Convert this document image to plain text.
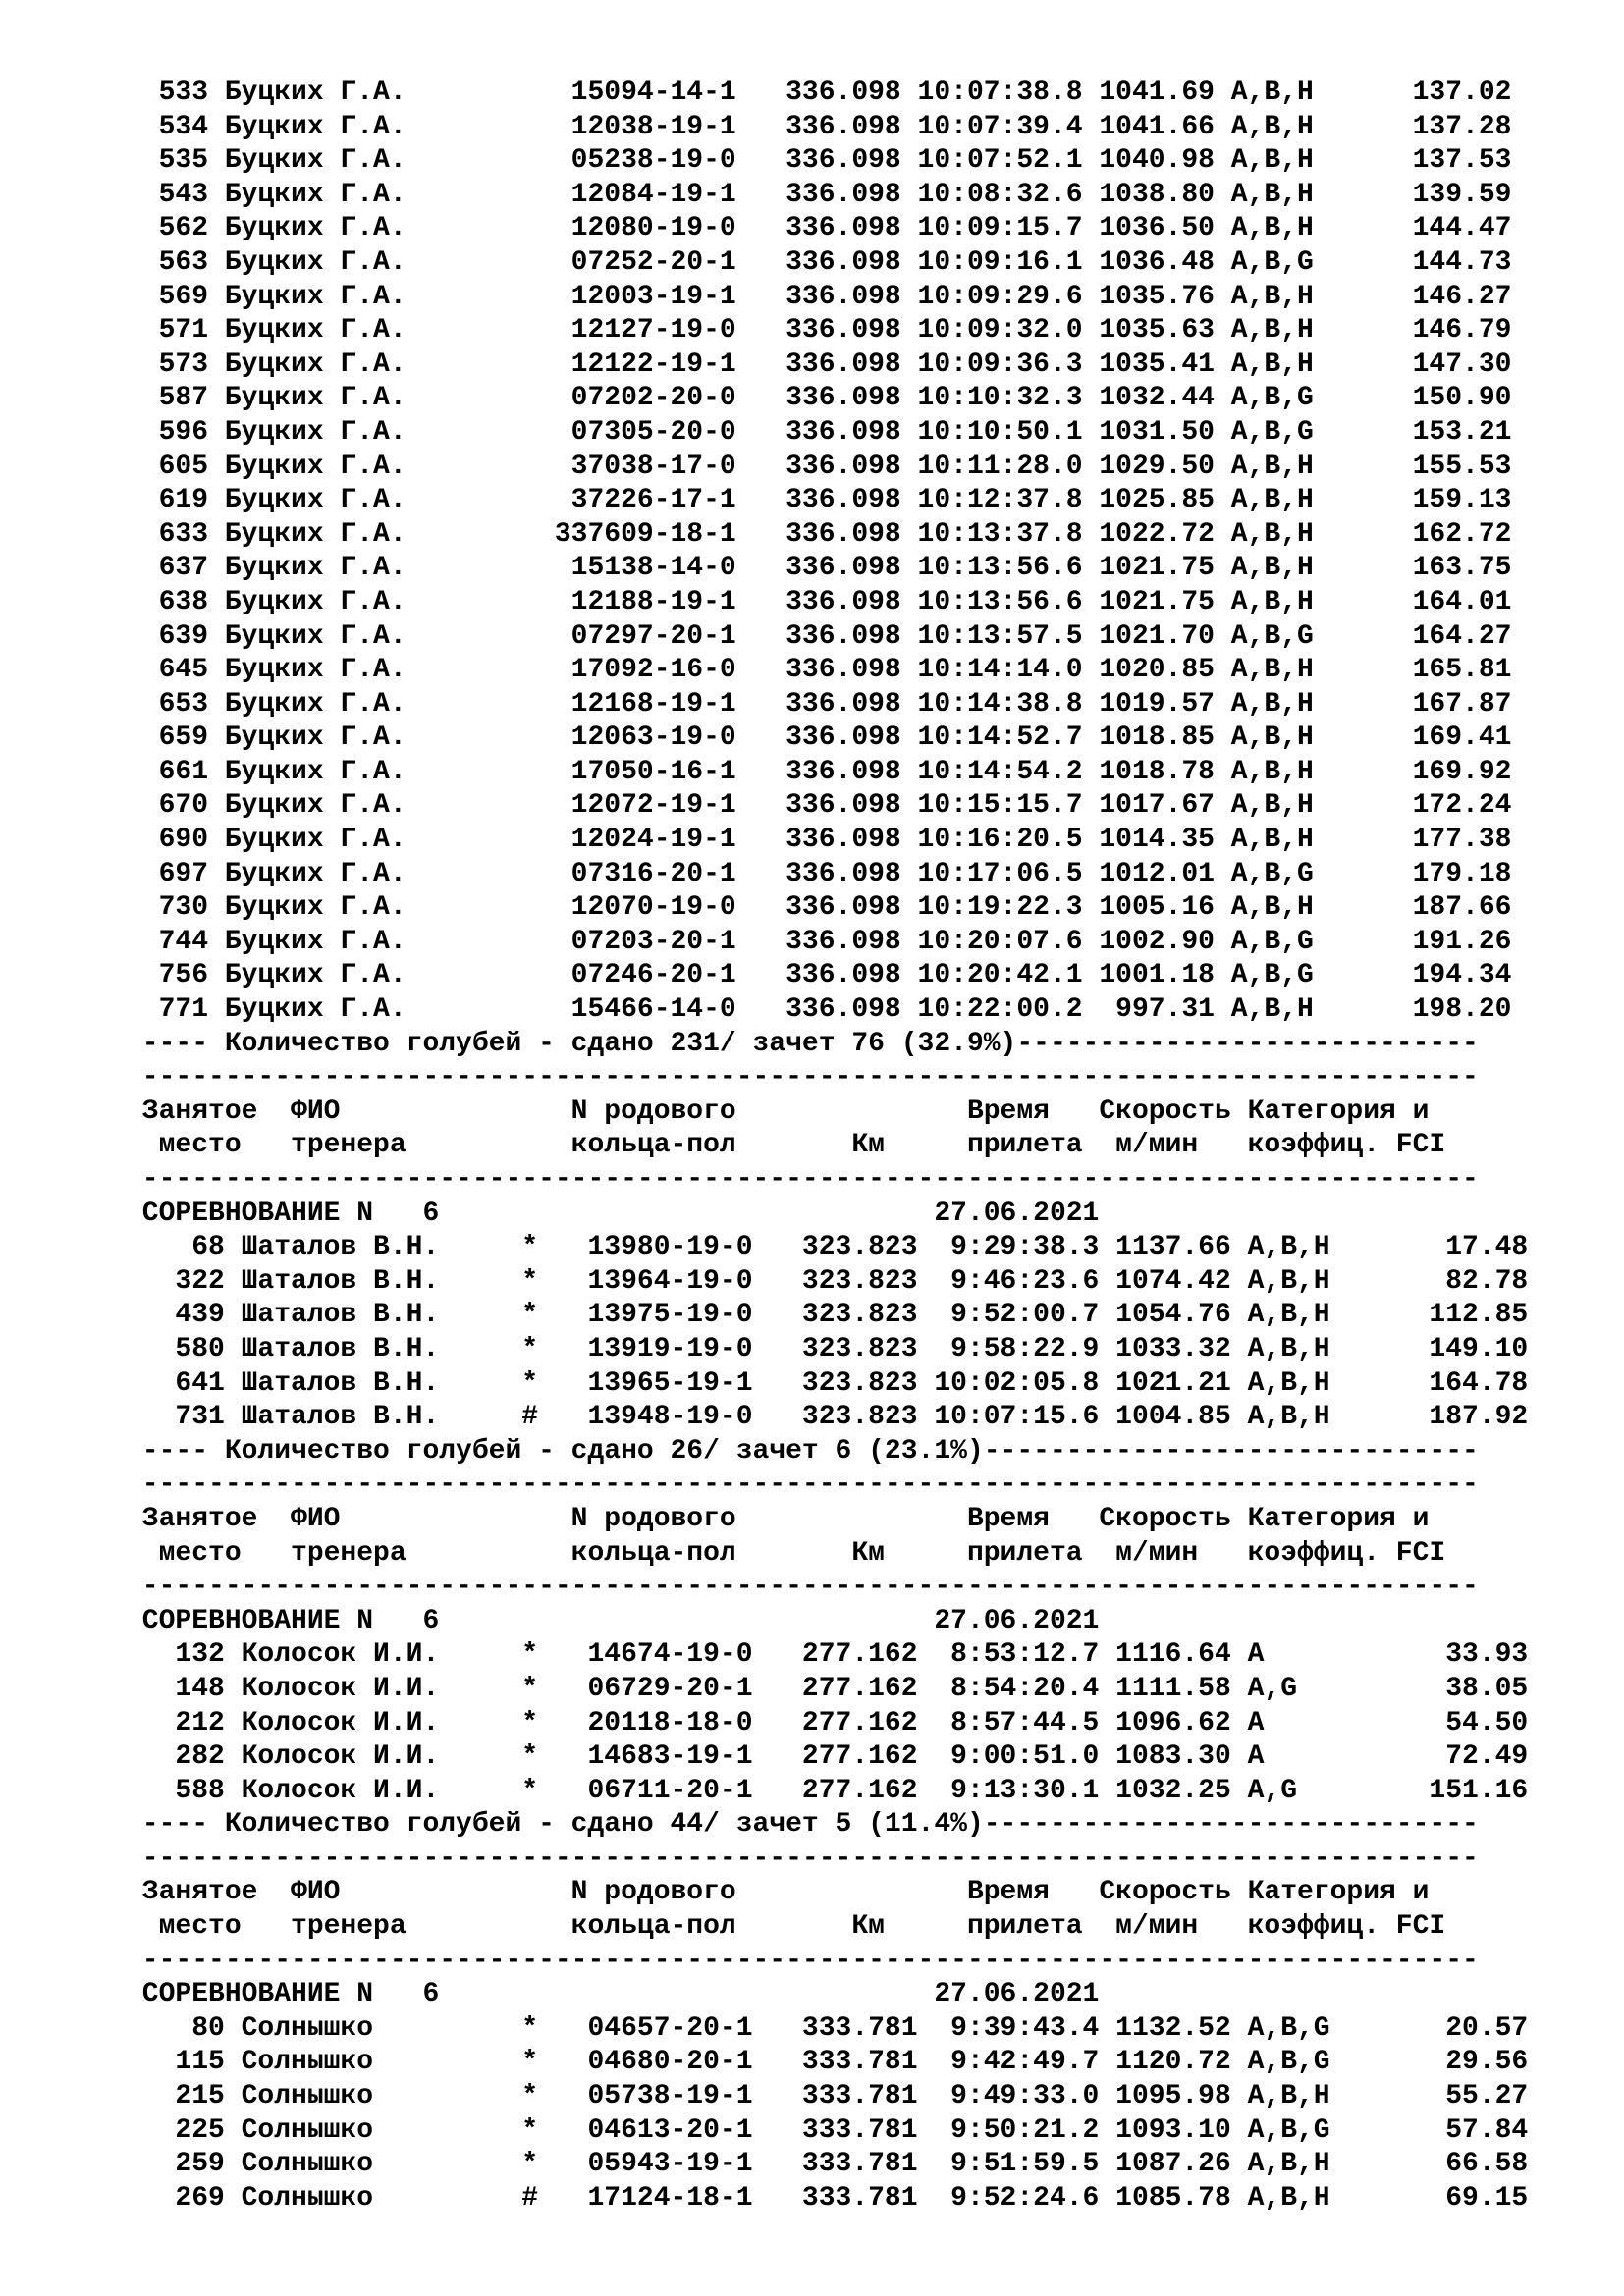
533 Буцких Г.А.          15094-14-1   336.098 10:07:38.8 1041.69 A,B,H      137.02
534 Буцких Г.А.          12038-19-1   336.098 10:07:39.4 1041.66 A,B,H      137.28
535 Буцких Г.А.          05238-19-0   336.098 10:07:52.1 1040.98 A,B,H      137.53
543 Буцких Г.А.          12084-19-1   336.098 10:08:32.6 1038.80 A,B,H      139.59
562 Буцких Г.А.          12080-19-0   336.098 10:09:15.7 1036.50 A,B,H      144.47
563 Буцких Г.А.          07252-20-1   336.098 10:09:16.1 1036.48 A,B,G      144.73
569 Буцких Г.А.          12003-19-1   336.098 10:09:29.6 1035.76 A,B,H      146.27
571 Буцких Г.А.          12127-19-0   336.098 10:09:32.0 1035.63 A,B,H      146.79
573 Буцких Г.А.          12122-19-1   336.098 10:09:36.3 1035.41 A,B,H      147.30
587 Буцких Г.А.          07202-20-0   336.098 10:10:32.3 1032.44 A,B,G      150.90
596 Буцких Г.А.          07305-20-0   336.098 10:10:50.1 1031.50 A,B,G      153.21
605 Буцких Г.А.          37038-17-0   336.098 10:11:28.0 1029.50 A,B,H      155.53
619 Буцких Г.А.          37226-17-1   336.098 10:12:37.8 1025.85 A,B,H      159.13
633 Буцких Г.А.         337609-18-1   336.098 10:13:37.8 1022.72 A,B,H      162.72
637 Буцких Г.А.          15138-14-0   336.098 10:13:56.6 1021.75 A,B,H      163.75
638 Буцких Г.А.          12188-19-1   336.098 10:13:56.6 1021.75 A,B,H      164.01
639 Буцких Г.А.          07297-20-1   336.098 10:13:57.5 1021.70 A,B,G      164.27
645 Буцких Г.А.          17092-16-0   336.098 10:14:14.0 1020.85 A,B,H      165.81
653 Буцких Г.А.          12168-19-1   336.098 10:14:38.8 1019.57 A,B,H      167.87
659 Буцких Г.А.          12063-19-0   336.098 10:14:52.7 1018.85 A,B,H      169.41
661 Буцких Г.А.          17050-16-1   336.098 10:14:54.2 1018.78 A,B,H      169.92
670 Буцких Г.А.          12072-19-1   336.098 10:15:15.7 1017.67 A,B,H      172.24
690 Буцких Г.А.          12024-19-1   336.098 10:16:20.5 1014.35 A,B,H      177.38
697 Буцких Г.А.          07316-20-1   336.098 10:17:06.5 1012.01 A,B,G      179.18
730 Буцких Г.А.          12070-19-0   336.098 10:19:22.3 1005.16 A,B,H      187.66
744 Буцких Г.А.          07203-20-1   336.098 10:20:07.6 1002.90 A,B,G      191.26
756 Буцких Г.А.          07246-20-1   336.098 10:20:42.1 1001.18 A,B,G      194.34
771 Буцких Г.А.          15466-14-0   336.098 10:22:00.2  997.31 A,B,H      198.20
---- Количество голубей - сдано 231/ зачет 76 (32.9%)----------------------------
---------------------------------------------------------------------------------
Занятое  ФИО              N родового              Время   Скорость Категория и
место   тренера          кольца-пол       Км     прилета  м/мин   коэффиц. FCI
---------------------------------------------------------------------------------
СОРЕВНОВАНИЕ N   6                              27.06.2021
68 Шаталов В.Н.     *   13980-19-0   323.823  9:29:38.3 1137.66 A,B,H       17.48
322 Шаталов В.Н.     *   13964-19-0   323.823  9:46:23.6 1074.42 A,B,H       82.78
439 Шаталов В.Н.     *   13975-19-0   323.823  9:52:00.7 1054.76 A,B,H      112.85
580 Шаталов В.Н.     *   13919-19-0   323.823  9:58:22.9 1033.32 A,B,H      149.10
641 Шаталов В.Н.     *   13965-19-1   323.823 10:02:05.8 1021.21 A,B,H      164.78
731 Шаталов В.Н.     #   13948-19-0   323.823 10:07:15.6 1004.85 A,B,H      187.92
---- Количество голубей - сдано 26/ зачет 6 (23.1%)------------------------------
---------------------------------------------------------------------------------
Занятое  ФИО              N родового              Время   Скорость Категория и
место   тренера          кольца-пол       Км     прилета  м/мин   коэффиц. FCI
---------------------------------------------------------------------------------
СОРЕВНОВАНИЕ N   6                              27.06.2021
132 Колосок И.И.     *   14674-19-0   277.162  8:53:12.7 1116.64 A           33.93
148 Колосок И.И.     *   06729-20-1   277.162  8:54:20.4 1111.58 A,G         38.05
212 Колосок И.И.     *   20118-18-0   277.162  8:57:44.5 1096.62 A           54.50
282 Колосок И.И.     *   14683-19-1   277.162  9:00:51.0 1083.30 A           72.49
588 Колосок И.И.     *   06711-20-1   277.162  9:13:30.1 1032.25 A,G        151.16
---- Количество голубей - сдано 44/ зачет 5 (11.4%)------------------------------
---------------------------------------------------------------------------------
Занятое  ФИО              N родового              Время   Скорость Категория и
место   тренера          кольца-пол       Км     прилета  м/мин   коэффиц. FCI
---------------------------------------------------------------------------------
СОРЕВНОВАНИЕ N   6                              27.06.2021
80 Солнышко         *   04657-20-1   333.781  9:39:43.4 1132.52 A,B,G       20.57
115 Солнышко         *   04680-20-1   333.781  9:42:49.7 1120.72 A,B,G       29.56
215 Солнышко         *   05738-19-1   333.781  9:49:33.0 1095.98 A,B,H       55.27
225 Солнышко         *   04613-20-1   333.781  9:50:21.2 1093.10 A,B,G       57.84
259 Солнышко         *   05943-19-1   333.781  9:51:59.5 1087.26 A,B,H       66.58
269 Солнышко         #   17124-18-1   333.781  9:52:24.6 1085.78 A,B,H       69.15
